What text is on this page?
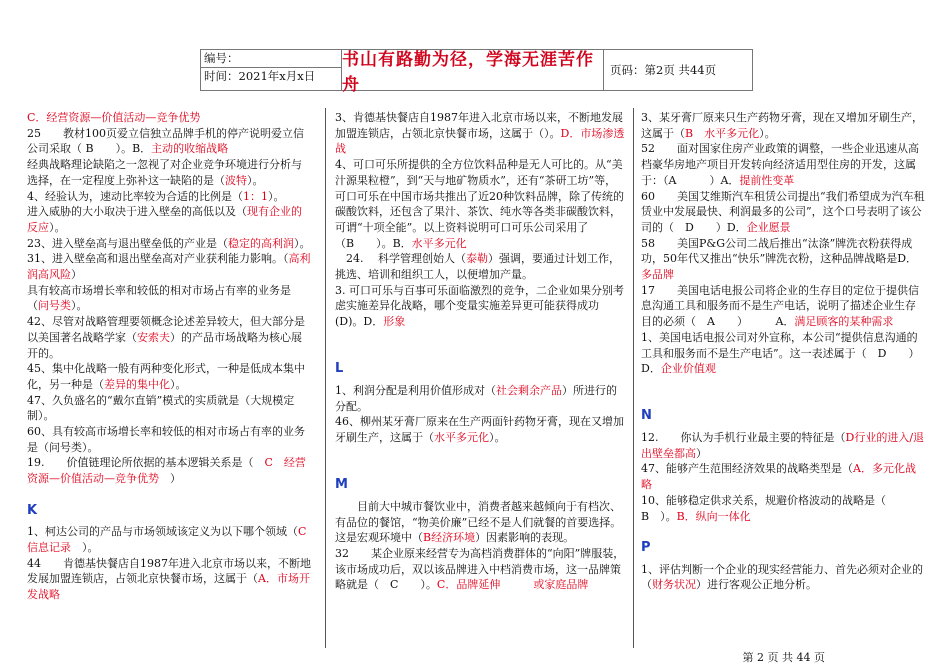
编号：
时间：2021年x月x日
书山有路勤为径，学海无涯苦作舟
页码：第2页 共44页

C．经营资源—价值活动—竞争优势

25　　教材100页爱立信独立品牌手机的停产说明爱立信公司采取（ B　　）。B．主动的收缩战略

经典战略理论缺陷之一忽视了对企业竞争环境进行分析与选择，在一定程度上弥补这一缺陷的是（波特）。

4、经验认为，速动比率较为合适的比例是（1：1）。

进入威胁的大小取决于进入壁垒的高低以及（现有企业的反应）。

23、进入壁垒高与退出壁垒低的产业是（稳定的高利润）。

31、进入壁垒高和退出壁垒高对产业获利能力影响。（高利润高风险）

具有较高市场增长率和较低的相对市场占有率的业务是（问号类）。

42、尽管对战略管理要领概念论述差异较大，但大部分是以美国著名战略学家（安索夫）的产品市场战略为核心展开的。

45、集中化战略一般有两种变化形式，一种是低成本集中化，另一种是（差异的集中化）。

47、久负盛名的“戴尔直销”模式的实质就是（大规模定制）。

60、具有较高市场增长率和较低的相对市场占有率的业务是（问号类）。

19.　　价值链理论所依据的基本逻辑关系是（　C　经营资源—价值活动—竞争优势　）

K

1、柯达公司的产品与市场领域该定义为以下哪个领域（C信息记录　）。

44　　肯德基快餐店自1987年进入北京市场以来，不断地发展加盟连锁店，占领北京快餐市场，这属于（A．市场开发战略

3、肯德基快餐店自1987年进入北京市场以来，不断地发展加盟连锁店，占领北京快餐市场，这属于（）。D．市场渗透战

4、可口可乐所提供的全方位饮料品种是无人可比的。从“美汁源果粒橙”，到“天与地矿物质水”，还有“茶研工坊”等，可口可乐在中国市场共推出了近20种饮料品牌，除了传统的碳酸饮料，还包含了果汁、茶饮、纯水等各类非碳酸饮料，可谓“十项全能”。以上资料说明可口可乐公司采用了（B　　）。B．水平多元化

　24.　 科学管理创始人（泰勒）强调，要通过计划工作，挑选、培训和组织工人，以便增加产量。

3. 可口可乐与百事可乐面临激烈的竞争，二企业如果分别考虑实施差异化战略，哪个变量实施差异更可能获得成功(D)。D．形象

L

1、利润分配是利用价值形成对（社会剩余产品）所进行的分配。

46、柳州某牙膏厂原来在生产两面针药物牙膏，现在又增加牙刷生产，这属于（水平多元化）。

M

　　目前大中城市餐饮业中，消费者越来越倾向于有档次、有品位的餐馆，“物美价廉”已经不是人们就餐的首要选择。这是宏观环境中（B经济环境）因素影响的表现。

32　　某企业原来经营专为高档消费群体的“向阳”牌服装，该市场成功后，双以该品牌进入中档消费市场，这一品牌策略就是（　C　　）。C．品牌延伸　　　或家庭品牌

3、某牙膏厂原来只生产药物牙膏，现在又增加牙刷生产，这属于（B　水平多元化）。

52　　面对国家住房产业政策的调整，一些企业迅速从高档豪华房地产项目开发转向经济适用型住房的开发，这属于：（A　　　）A．提前性变革

60　　美国艾维斯汽车租赁公司提出“我们希望成为汽车租赁业中发展最快、利润最多的公司”，这个口号表明了该公司的（　D　　）D．企业愿景

58　　美国P&G公司二战后推出“汰涤”牌洗衣粉获得成功，50年代又推出“快乐”牌洗衣粉，这种品牌战略是D．多品牌

17　　美国电话电报公司将企业的生存目的定位于提供信息沟通工具和服务而不是生产电话，说明了描述企业生存目的必须（　A　　）　　　A．满足顾客的某种需求

1、美国电话电报公司对外宣称，本公司“提供信息沟通的工具和服务而不是生产电话”。这一表述属于（　D　　）D．企业价值观

N

12.　　你认为手机行业最主要的特征是（D行业的进入/退出壁垒都高）

47、能够产生范围经济效果的战略类型是（A．多元化战略

10、能够稳定供求关系，规避价格波动的战略是（　B　）。B．纵向一体化

P

1、评估判断一个企业的现实经营能力、首先必须对企业的（财务状况）进行客观公正地分析。

第 2 页 共 44 页
